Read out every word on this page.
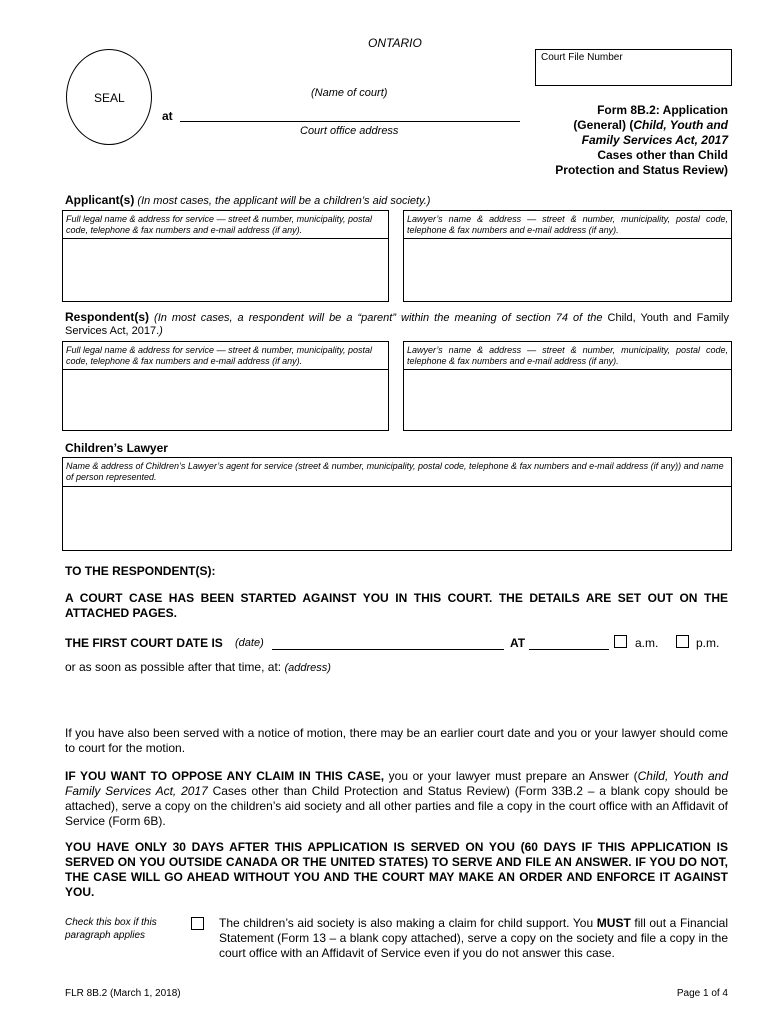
ONTARIO
SEAL
Court File Number
(Name of court)
at
Court office address
Form 8B.2: Application
(General) (Child, Youth and
Family Services Act, 2017
Cases other than Child
Protection and Status Review)
Applicant(s) (In most cases, the applicant will be a children’s aid society.)
Full legal name & address for service — street & number, municipality, postal code, telephone & fax numbers and e-mail address (if any).
Lawyer’s name & address — street & number, municipality, postal code, telephone & fax numbers and e-mail address (if any).
Respondent(s) (In most cases, a respondent will be a “parent” within the meaning of section 74 of the Child, Youth and Family Services Act, 2017.)
Full legal name & address for service — street & number, municipality, postal code, telephone & fax numbers and e-mail address (if any).
Lawyer’s name & address — street & number, municipality, postal code, telephone & fax numbers and e-mail address (if any).
Children’s Lawyer
Name & address of Children’s Lawyer’s agent for service (street & number, municipality, postal code, telephone & fax numbers and e-mail address (if any)) and name of person represented.
TO THE RESPONDENT(S):
A COURT CASE HAS BEEN STARTED AGAINST YOU IN THIS COURT. THE DETAILS ARE SET OUT ON THE ATTACHED PAGES.
THE FIRST COURT DATE IS (date)	AT	a.m.	p.m.
or as soon as possible after that time, at: (address)
If you have also been served with a notice of motion, there may be an earlier court date and you or your lawyer should come to court for the motion.
IF YOU WANT TO OPPOSE ANY CLAIM IN THIS CASE, you or your lawyer must prepare an Answer (Child, Youth and Family Services Act, 2017 Cases other than Child Protection and Status Review) (Form 33B.2 – a blank copy should be attached), serve a copy on the children’s aid society and all other parties and file a copy in the court office with an Affidavit of Service (Form 6B).
YOU HAVE ONLY 30 DAYS AFTER THIS APPLICATION IS SERVED ON YOU (60 DAYS IF THIS APPLICATION IS SERVED ON YOU OUTSIDE CANADA OR THE UNITED STATES) TO SERVE AND FILE AN ANSWER. IF YOU DO NOT, THE CASE WILL GO AHEAD WITHOUT YOU AND THE COURT MAY MAKE AN ORDER AND ENFORCE IT AGAINST YOU.
Check this box if this paragraph applies
The children’s aid society is also making a claim for child support. You MUST fill out a Financial Statement (Form 13 – a blank copy attached), serve a copy on the society and file a copy in the court office with an Affidavit of Service even if you do not answer this case.
FLR 8B.2 (March 1, 2018)	Page 1 of 4
